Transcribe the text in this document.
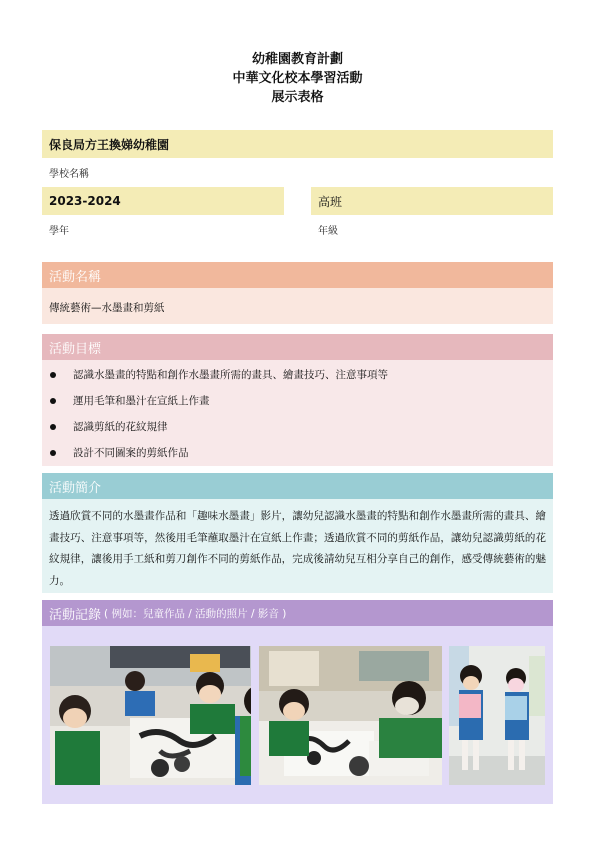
幼稚園教育計劃
中華文化校本學習活動
展示表格
保良局方王換娣幼稚園
學校名稱
2023-2024
學年
高班
年級
活動名稱
傳統藝術—水墨畫和剪紙
活動目標
認識水墨畫的特點和創作水墨畫所需的畫具、繪畫技巧、注意事項等
運用毛筆和墨汁在宣紙上作畫
認識剪紙的花紋規律
設計不同圖案的剪紙作品
活動簡介

透過欣賞不同的水墨畫作品和「趣味水墨畫」影片，讓幼兒認識水墨畫的特點和創作水墨畫所需的畫具、繪畫技巧、注意事項等，然後用毛筆蘸取墨汁在宣紙上作畫；透過欣賞不同的剪紙作品，讓幼兒認識剪紙的花紋規律，讓後用手工紙和剪刀創作不同的剪紙作品，完成後請幼兒互相分享自己的創作，感受傳統藝術的魅力。

活動記錄 ( 例如：兒童作品 / 活動的照片 / 影音 )
